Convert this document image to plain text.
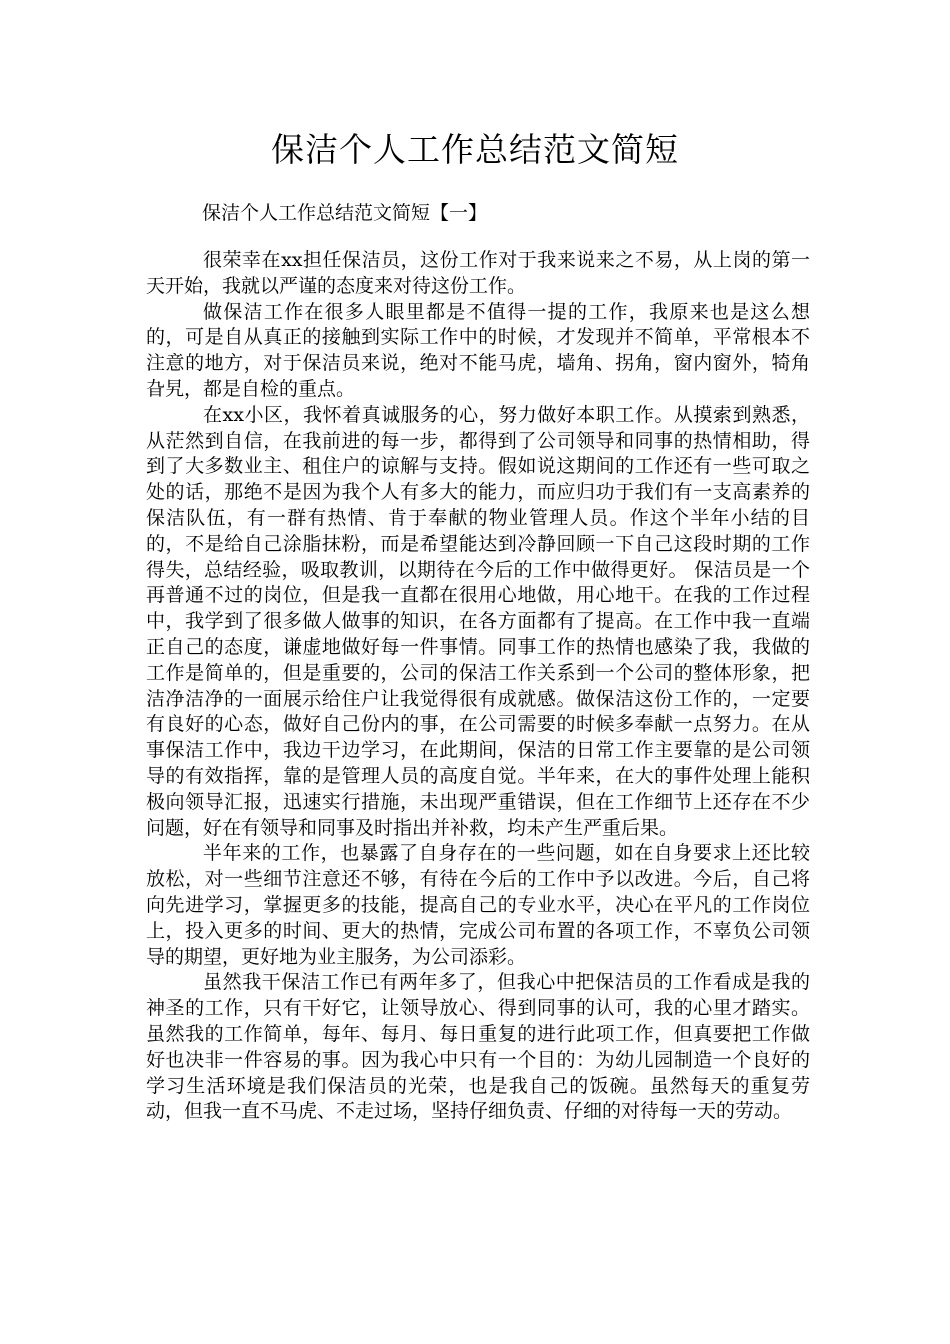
保洁个人工作总结范文简短
保洁个人工作总结范文简短【一】

很荣幸在xx担任保洁员，这份工作对于我来说来之不易，从上岗的第一天开始，我就以严谨的态度来对待这份工作。

做保洁工作在很多人眼里都是不值得一提的工作，我原来也是这么想的，可是自从真正的接触到实际工作中的时候，才发现并不简单，平常根本不注意的地方，对于保洁员来说，绝对不能马虎，墙角、拐角，窗内窗外，犄角旮旯，都是自检的重点。

在xx小区，我怀着真诚服务的心，努力做好本职工作。从摸索到熟悉，从茫然到自信，在我前进的每一步，都得到了公司领导和同事的热情相助，得到了大多数业主、租住户的谅解与支持。假如说这期间的工作还有一些可取之处的话，那绝不是因为我个人有多大的能力，而应归功于我们有一支高素养的保洁队伍，有一群有热情、肯于奉献的物业管理人员。作这个半年小结的目的，不是给自己涂脂抹粉，而是希望能达到冷静回顾一下自己这段时期的工作得失，总结经验，吸取教训，以期待在今后的工作中做得更好。 保洁员是一个再普通不过的岗位，但是我一直都在很用心地做，用心地干。在我的工作过程中，我学到了很多做人做事的知识，在各方面都有了提高。在工作中我一直端正自己的态度，谦虚地做好每一件事情。同事工作的热情也感染了我，我做的工作是简单的，但是重要的，公司的保洁工作关系到一个公司的整体形象，把洁净洁净的一面展示给住户让我觉得很有成就感。做保洁这份工作的，一定要有良好的心态，做好自己份内的事，在公司需要的时候多奉献一点努力。在从事保洁工作中，我边干边学习，在此期间，保洁的日常工作主要靠的是公司领导的有效指挥，靠的是管理人员的高度自觉。半年来，在大的事件处理上能积极向领导汇报，迅速实行措施，未出现严重错误，但在工作细节上还存在不少问题，好在有领导和同事及时指出并补救，均未产生严重后果。

半年来的工作，也暴露了自身存在的一些问题，如在自身要求上还比较放松，对一些细节注意还不够，有待在今后的工作中予以改进。今后，自己将向先进学习，掌握更多的技能，提高自己的专业水平，决心在平凡的工作岗位上，投入更多的时间、更大的热情，完成公司布置的各项工作，不辜负公司领导的期望，更好地为业主服务，为公司添彩。

虽然我干保洁工作已有两年多了，但我心中把保洁员的工作看成是我的神圣的工作，只有干好它，让领导放心、得到同事的认可，我的心里才踏实。虽然我的工作简单，每年、每月、每日重复的进行此项工作，但真要把工作做好也决非一件容易的事。因为我心中只有一个目的：为幼儿园制造一个良好的学习生活环境是我们保洁员的光荣，也是我自己的饭碗。虽然每天的重复劳动，但我一直不马虎、不走过场，坚持仔细负责、仔细的对待每一天的劳动。
